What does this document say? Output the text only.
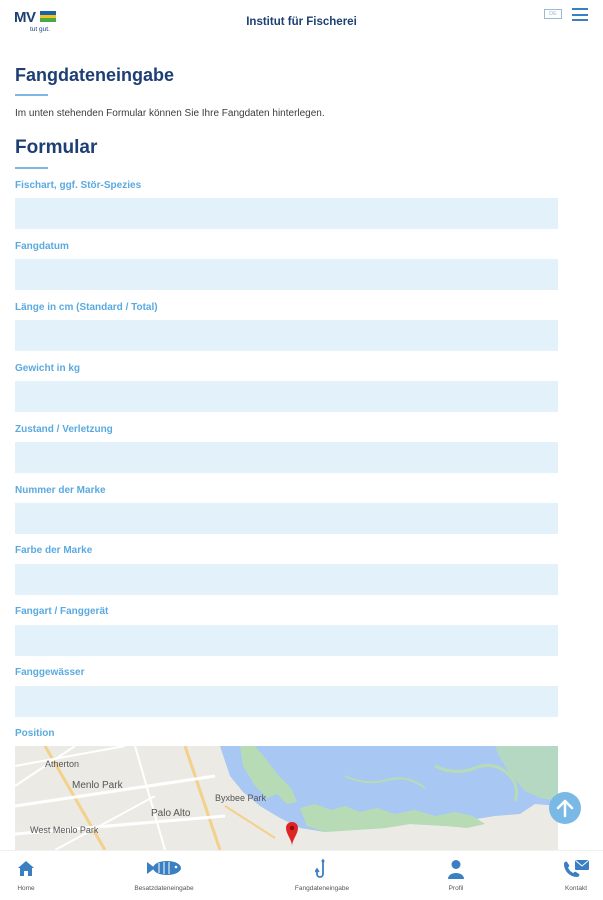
MV
tut gut.
Institut für Fischerei
DE
Fangdateneingabe
Im unten stehenden Formular können Sie Ihre Fangdaten hinterlegen.
Formular
Fischart, ggf. Stör-Spezies
Fangdatum
Länge in cm (Standard / Total)
Gewicht in kg
Zustand / Verletzung
Nummer der Marke
Farbe der Marke
Fangart / Fanggerät
Fanggewässer
Position
Atherton
Menlo Park
Palo Alto
West Menlo Park
Byxbee Park
Home	Besatzdateneingabe	Fangdateneingabe	Profil	Kontakt
